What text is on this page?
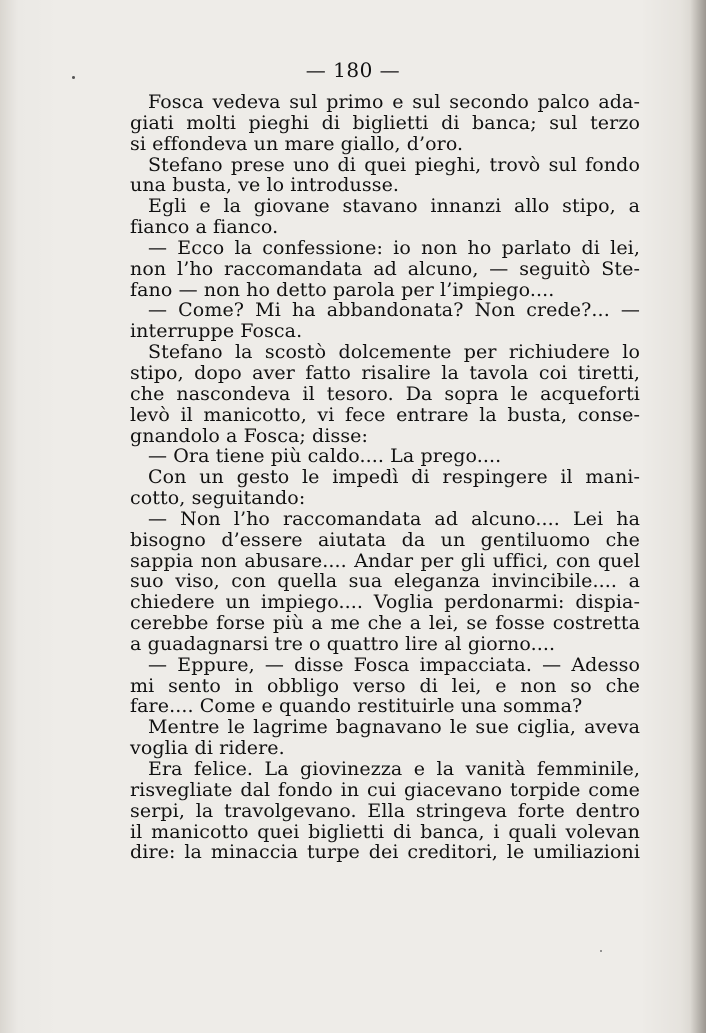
— 180 —
Fosca vedeva sul primo e sul secondo palco ada-
giati molti pieghi di biglietti di banca; sul terzo
si effondeva un mare giallo, d’oro.
Stefano prese uno di quei pieghi, trovò sul fondo
una busta, ve lo introdusse.
Egli e la giovane stavano innanzi allo stipo, a
fianco a fianco.
— Ecco la confessione: io non ho parlato di lei,
non l’ho raccomandata ad alcuno, — seguitò Ste-
fano — non ho detto parola per l’impiego....
— Come? Mi ha abbandonata? Non crede?... —
interruppe Fosca.
Stefano la scostò dolcemente per richiudere lo
stipo, dopo aver fatto risalire la tavola coi tiretti,
che nascondeva il tesoro. Da sopra le acqueforti
levò il manicotto, vi fece entrare la busta, conse-
gnandolo a Fosca; disse:
— Ora tiene più caldo.... La prego....
Con un gesto le impedì di respingere il mani-
cotto, seguitando:
— Non l’ho raccomandata ad alcuno.... Lei ha
bisogno d’essere aiutata da un gentiluomo che
sappia non abusare.... Andar per gli uffici, con quel
suo viso, con quella sua eleganza invincibile.... a
chiedere un impiego.... Voglia perdonarmi: dispia-
cerebbe forse più a me che a lei, se fosse costretta
a guadagnarsi tre o quattro lire al giorno....
— Eppure, — disse Fosca impacciata. — Adesso
mi sento in obbligo verso di lei, e non so che
fare.... Come e quando restituirle una somma?
Mentre le lagrime bagnavano le sue ciglia, aveva
voglia di ridere.
Era felice. La giovinezza e la vanità femminile,
risvegliate dal fondo in cui giacevano torpide come
serpi, la travolgevano. Ella stringeva forte dentro
il manicotto quei biglietti di banca, i quali volevan
dire: la minaccia turpe dei creditori, le umiliazioni
